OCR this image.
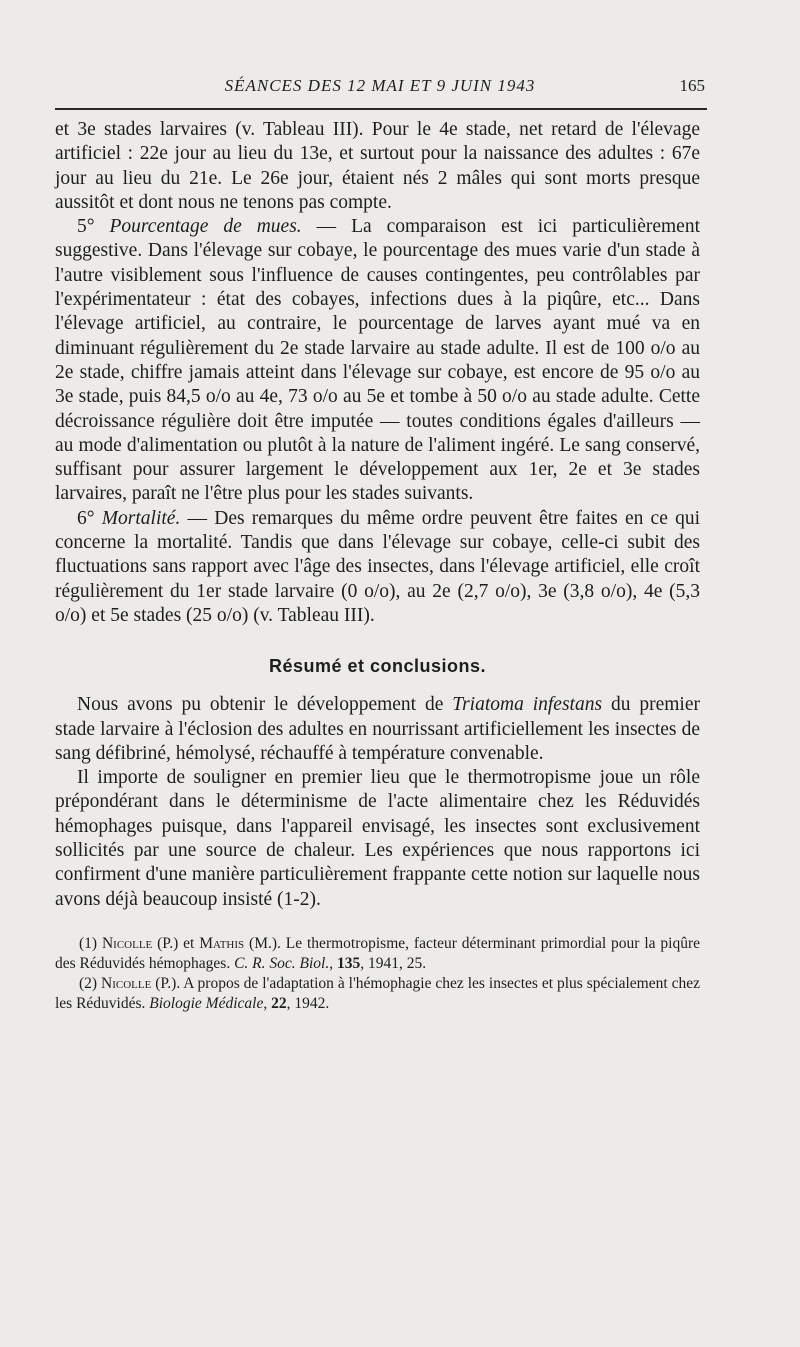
SÉANCES DES 12 MAI ET 9 JUIN 1943	165

et 3e stades larvaires (v. Tableau III). Pour le 4e stade, net retard de l'élevage artificiel : 22e jour au lieu du 13e, et surtout pour la naissance des adultes : 67e jour au lieu du 21e. Le 26e jour, étaient nés 2 mâles qui sont morts presque aussitôt et dont nous ne tenons pas compte.

5° Pourcentage de mues. — La comparaison est ici particulièrement suggestive. Dans l'élevage sur cobaye, le pourcentage des mues varie d'un stade à l'autre visiblement sous l'influence de causes contingentes, peu contrôlables par l'expérimentateur : état des cobayes, infections dues à la piqûre, etc... Dans l'élevage artificiel, au contraire, le pourcentage de larves ayant mué va en diminuant régulièrement du 2e stade larvaire au stade adulte. Il est de 100 o/o au 2e stade, chiffre jamais atteint dans l'élevage sur cobaye, est encore de 95 o/o au 3e stade, puis 84,5 o/o au 4e, 73 o/o au 5e et tombe à 50 o/o au stade adulte. Cette décroissance régulière doit être imputée — toutes conditions égales d'ailleurs — au mode d'alimentation ou plutôt à la nature de l'aliment ingéré. Le sang conservé, suffisant pour assurer largement le développement aux 1er, 2e et 3e stades larvaires, paraît ne l'être plus pour les stades suivants.

6° Mortalité. — Des remarques du même ordre peuvent être faites en ce qui concerne la mortalité. Tandis que dans l'élevage sur cobaye, celle-ci subit des fluctuations sans rapport avec l'âge des insectes, dans l'élevage artificiel, elle croît régulièrement du 1er stade larvaire (0 o/o), au 2e (2,7 o/o), 3e (3,8 o/o), 4e (5,3 o/o) et 5e stades (25 o/o) (v. Tableau III).

Résumé et conclusions.

Nous avons pu obtenir le développement de Triatoma infestans du premier stade larvaire à l'éclosion des adultes en nourrissant artificiellement les insectes de sang défibriné, hémolysé, réchauffé à température convenable.

Il importe de souligner en premier lieu que le thermotropisme joue un rôle prépondérant dans le déterminisme de l'acte alimentaire chez les Réduvidés hémophages puisque, dans l'appareil envisagé, les insectes sont exclusivement sollicités par une source de chaleur. Les expériences que nous rapportons ici confirment d'une manière particulièrement frappante cette notion sur laquelle nous avons déjà beaucoup insisté (1-2).

(1) Nicolle (P.) et Mathis (M.). Le thermotropisme, facteur déterminant primordial pour la piqûre des Réduvidés hémophages. C. R. Soc. Biol., 135, 1941, 25.

(2) Nicolle (P.). A propos de l'adaptation à l'hémophagie chez les insectes et plus spécialement chez les Réduvidés. Biologie Médicale, 22, 1942.
